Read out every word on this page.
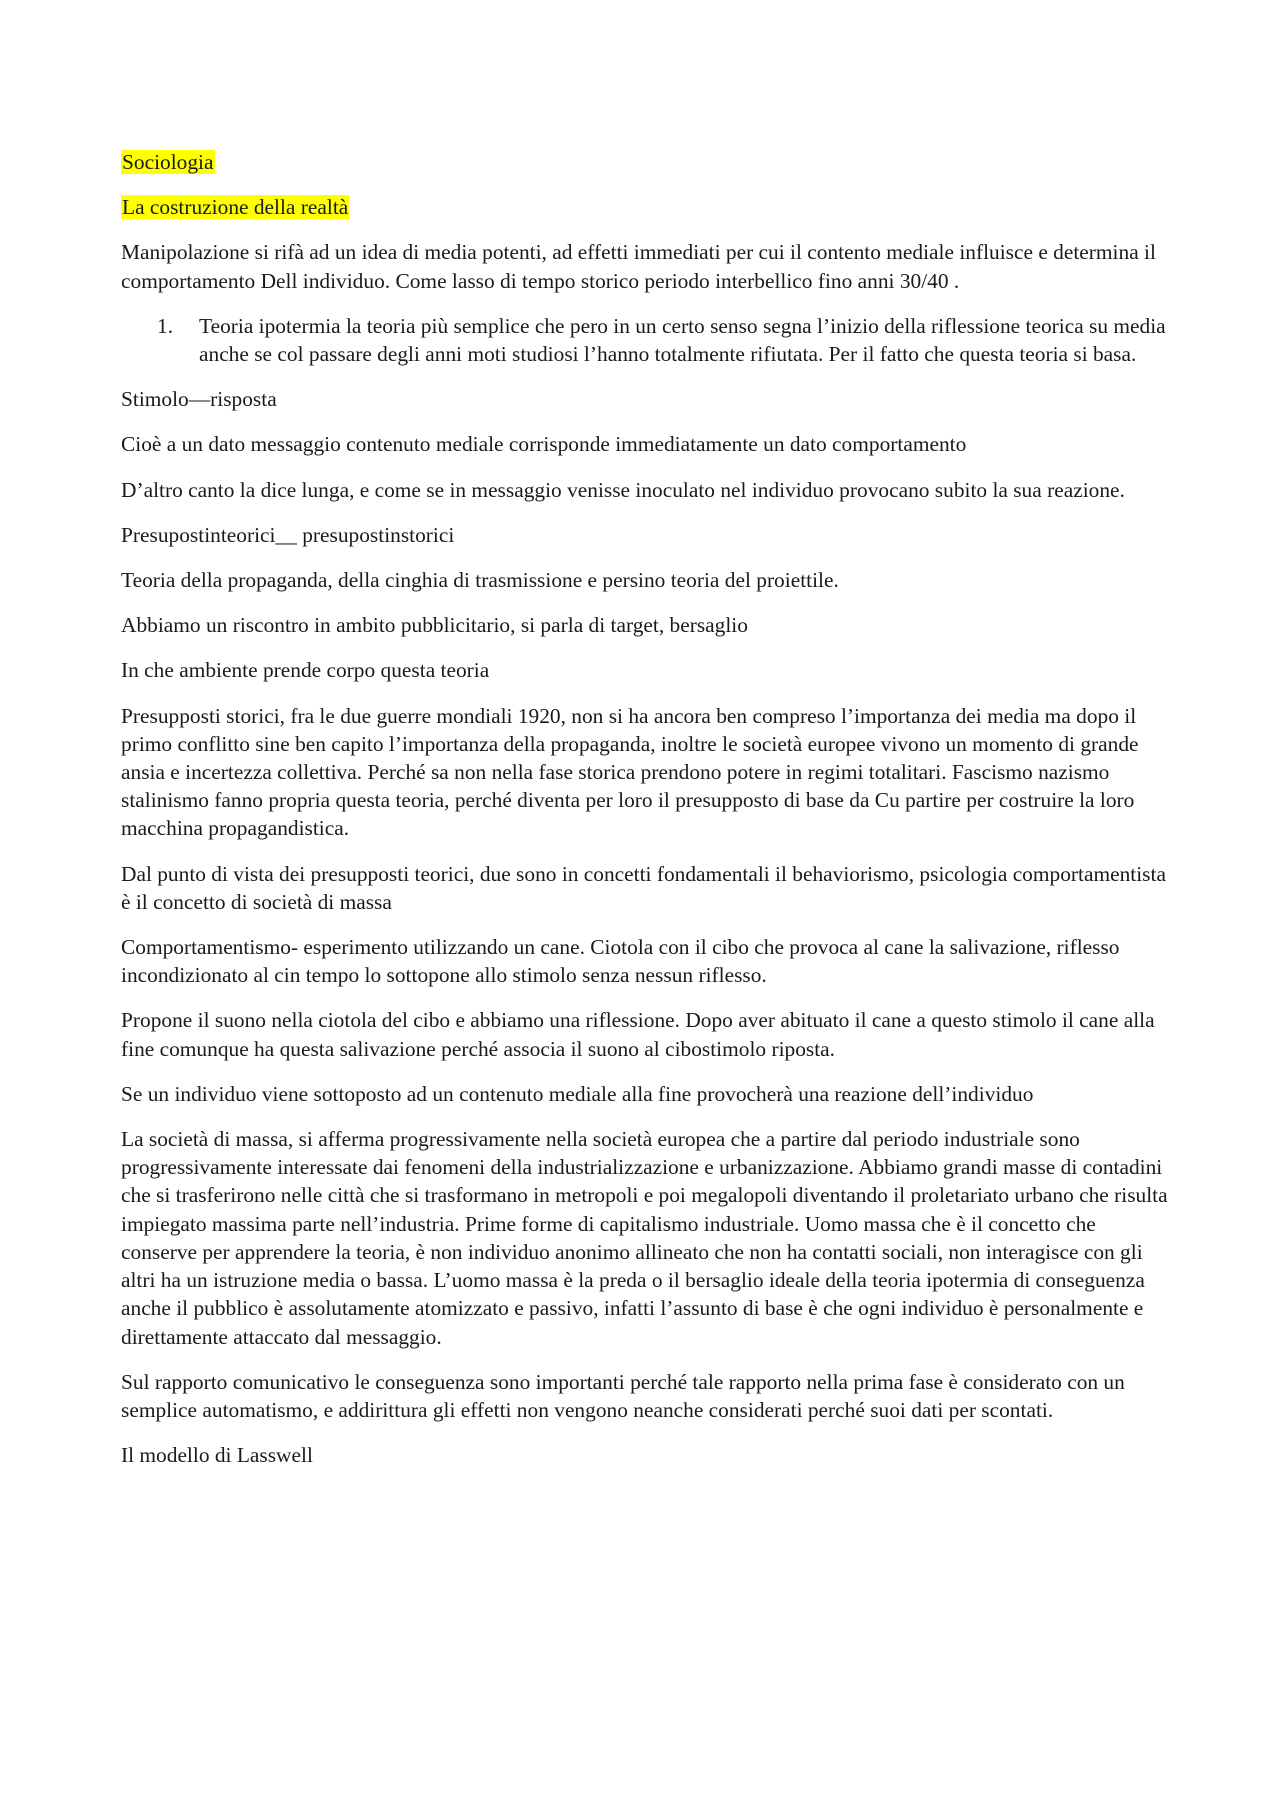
Sociologia

La costruzione della realtà

Manipolazione si rifà ad un idea di media potenti, ad effetti immediati per cui il contento mediale influisce e determina il comportamento Dell individuo. Come lasso di tempo storico periodo interbellico fino anni 30/40 .

1. Teoria ipotermia la teoria più semplice che pero in un certo senso segna l’inizio della riflessione teorica su media anche se col passare degli anni moti studiosi l’hanno totalmente rifiutata. Per il fatto che questa teoria si basa.

Stimolo—risposta

Cioè a un dato messaggio contenuto mediale corrisponde immediatamente un dato comportamento

D’altro canto la dice lunga, e come se in messaggio venisse inoculato nel individuo provocano subito la sua reazione.

Presupostinteorici__ presupostinstorici

Teoria della propaganda, della cinghia di trasmissione e persino teoria del proiettile.

Abbiamo un riscontro in ambito pubblicitario, si parla di target, bersaglio

In che ambiente prende corpo questa teoria

Presupposti storici, fra le due guerre mondiali 1920, non si ha ancora ben compreso l’importanza dei media ma dopo il primo conflitto sine ben capito l’importanza della propaganda, inoltre le società europee vivono un momento di grande ansia e incertezza collettiva. Perché sa non nella fase storica prendono potere in regimi totalitari. Fascismo nazismo stalinismo fanno propria questa teoria, perché diventa per loro il presupposto di base da Cu partire per costruire la loro macchina propagandistica.

Dal punto di vista dei presupposti teorici, due sono in concetti fondamentali il behaviorismo, psicologia comportamentista è il concetto di società di massa

Comportamentismo- esperimento utilizzando un cane. Ciotola con il cibo che provoca al cane la salivazione, riflesso incondizionato al cin tempo lo sottopone allo stimolo senza nessun riflesso.

Propone il suono nella ciotola del cibo e abbiamo una riflessione. Dopo aver abituato il cane a questo stimolo il cane alla fine comunque ha questa salivazione perché associa il suono al cibostimolo riposta.

Se un individuo viene sottoposto ad un contenuto mediale alla fine provocherà una reazione dell’individuo

La società di massa, si afferma progressivamente nella società europea che a partire dal periodo industriale sono progressivamente interessate dai fenomeni della industrializzazione e urbanizzazione. Abbiamo grandi masse di contadini che si trasferirono nelle città che si trasformano in metropoli e poi megalopoli diventando il proletariato urbano che risulta impiegato massima parte nell’industria. Prime forme di capitalismo industriale. Uomo massa che è il concetto che conserve per apprendere la teoria, è non individuo anonimo allineato che non ha contatti sociali, non interagisce con gli altri ha un istruzione media o bassa. L’uomo massa è la preda o il bersaglio ideale della teoria ipotermia di conseguenza anche il pubblico è assolutamente atomizzato e passivo, infatti l’assunto di base è che ogni individuo è personalmente e direttamente attaccato dal messaggio.

Sul rapporto comunicativo le conseguenza sono importanti perché tale rapporto nella prima fase è considerato con un semplice automatismo, e addirittura gli effetti non vengono neanche considerati perché suoi dati per scontati.

Il modello di Lasswell
